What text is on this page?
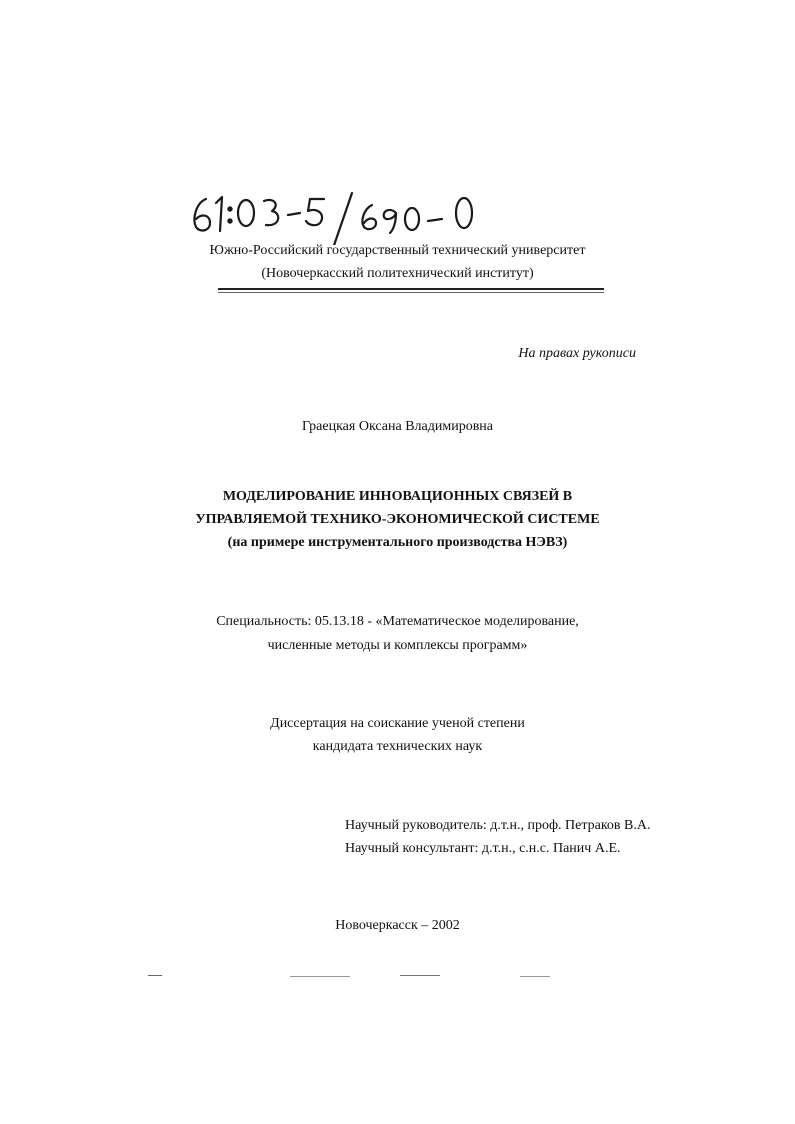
Южно-Российский государственный технический университет
(Новочеркасский политехнический институт)
На правах рукописи
Граецкая Оксана Владимировна
МОДЕЛИРОВАНИЕ ИННОВАЦИОННЫХ СВЯЗЕЙ В
УПРАВЛЯЕМОЙ ТЕХНИКО-ЭКОНОМИЧЕСКОЙ СИСТЕМЕ
(на примере инструментального производства НЭВЗ)
Специальность: 05.13.18 - «Математическое моделирование,
численные методы и комплексы программ»
Диссертация на соискание ученой степени
кандидата технических наук
Научный руководитель: д.т.н., проф. Петраков В.А.
Научный консультант: д.т.н., с.н.с. Панич А.Е.
Новочеркасск – 2002
